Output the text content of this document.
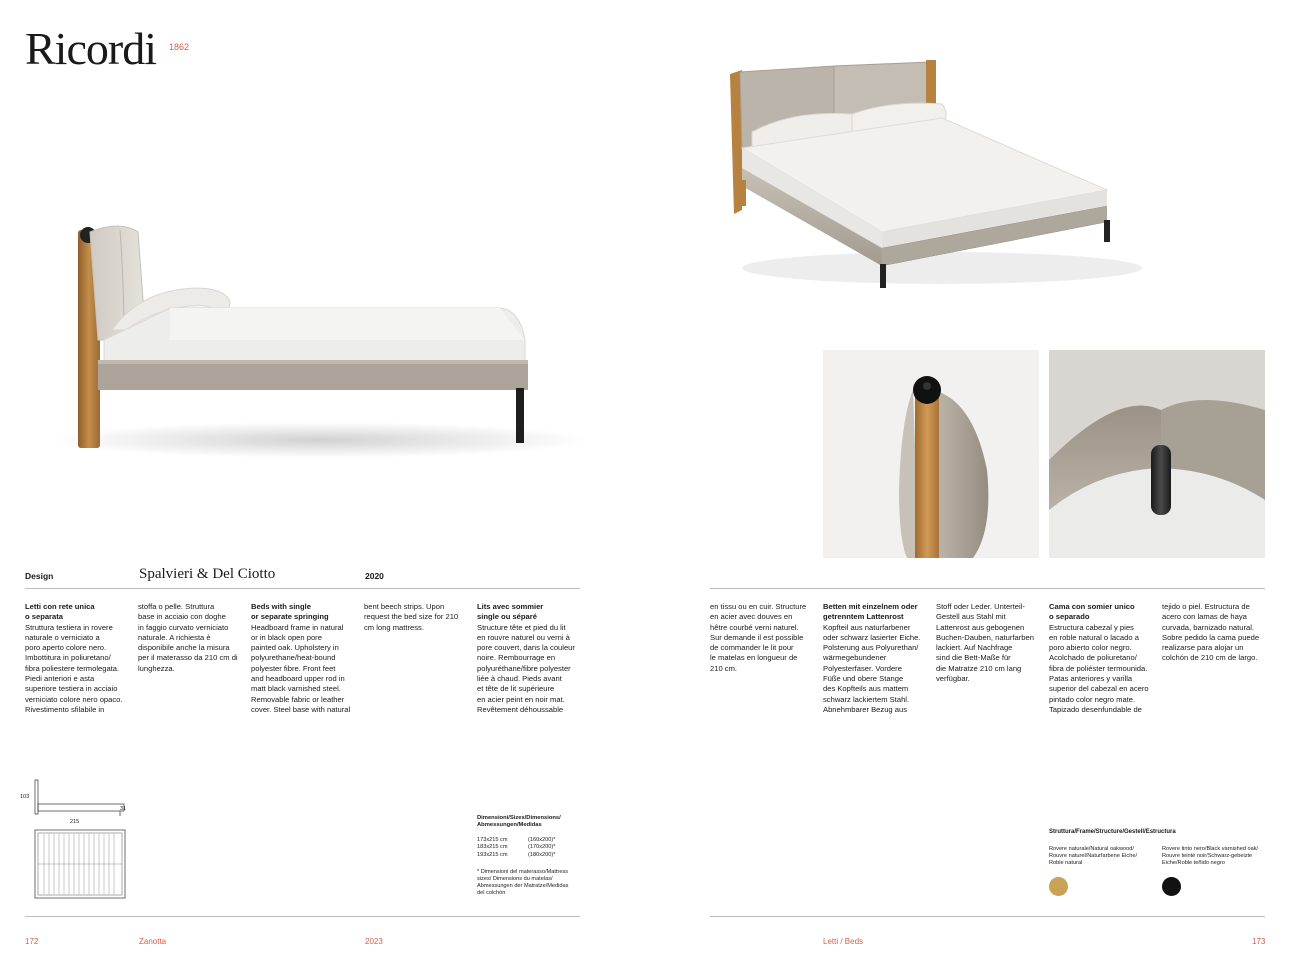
Ricordi 1862
Design	Spalvieri & Del Ciotto	2020
Letti con rete unica
o separata
Struttura testiera in rovere
naturale o verniciato a
poro aperto colore nero.
Imbottitura in poliuretano/
fibra poliestere termolegata.
Piedi anteriori e asta
superiore testiera in acciaio
verniciato colore nero opaco.
Rivestimento sfilabile in
stoffa o pelle. Struttura
base in acciaio con doghe
in faggio curvato verniciato
naturale. A richiesta è
disponibile anche la misura
per il materasso da 210 cm di
lunghezza.
Beds with single
or separate springing
Headboard frame in natural
or in black open pore
painted oak. Upholstery in
polyurethane/heat-bound
polyester fibre. Front feet
and headboard upper rod in
matt black varnished steel.
Removable fabric or leather
cover. Steel base with natural
bent beech strips. Upon
request the bed size for 210
cm long mattress.
Lits avec sommier
single ou séparé
Structure tête et pied du lit
en rouvre naturel ou verni à
pore couvert, dans la couleur
noire. Rembourrage en
polyuréthane/fibre polyester
liée à chaud. Pieds avant
et tête de lit supérieure
en acier peint en noir mat.
Revêtement déhoussable
en tissu ou en cuir. Structure
en acier avec douves en
hêtre courbé verni naturel.
Sur demande il est possible
de commander le lit pour
le matelas en longueur de
210 cm.
Betten mit einzelnem oder
getrenntem Lattenrost
Kopfteil aus naturfarbener
oder schwarz lasierter Eiche.
Polsterung aus Polyurethan/
wärmegebundener
Polyesterfaser. Vordere
Füße und obere Stange
des Kopfteils aus mattem
schwarz lackiertem Stahl.
Abnehmbarer Bezug aus
Stoff oder Leder. Unterteil-
Gestell aus Stahl mit
Lattenrost aus gebogenen
Buchen-Dauben, naturfarben
lackiert. Auf Nachfrage
sind die Bett-Maße für
die Matratze 210 cm lang
verfügbar.
Cama con somier unico
o separado
Estructura cabezal y pies
en roble natural o lacado a
poro abierto color negro.
Acolchado de poliuretano/
fibra de poliéster termounida.
Patas anteriores y varilla
superior del cabezal en acero
pintado color negro mate.
Tapizado desenfundable de
tejido o piel. Estructura de
acero con lamas de haya
curvada, barnizado natural.
Sobre pedido la cama puede
realizarse para alojar un
colchón de 210 cm de largo.
103
215
31
Dimensioni/Sizes/Dimensions/
Abmessungen/Medidas
173x215 cm	(160x200)*
183x215 cm	(170x200)*
193x215 cm	(180x200)*
* Dimensioni del materasso/Mattress
sizes/ Dimensions du matelas/
Abmessungen der Matratze/Medidas
del colchón
Struttura/Frame/Structure/Gestell/Estructura
Rovere naturale/Natural oakwood/
Rouvre naturel/Naturfarbene Eiche/
Roble natural
Rovere tinto nero/Black varnished oak/
Rouvre teinté noir/Schwarz-gebeizte
Eiche/Roble teñido negro
172	Zanotta	2023	Letti / Beds	173
